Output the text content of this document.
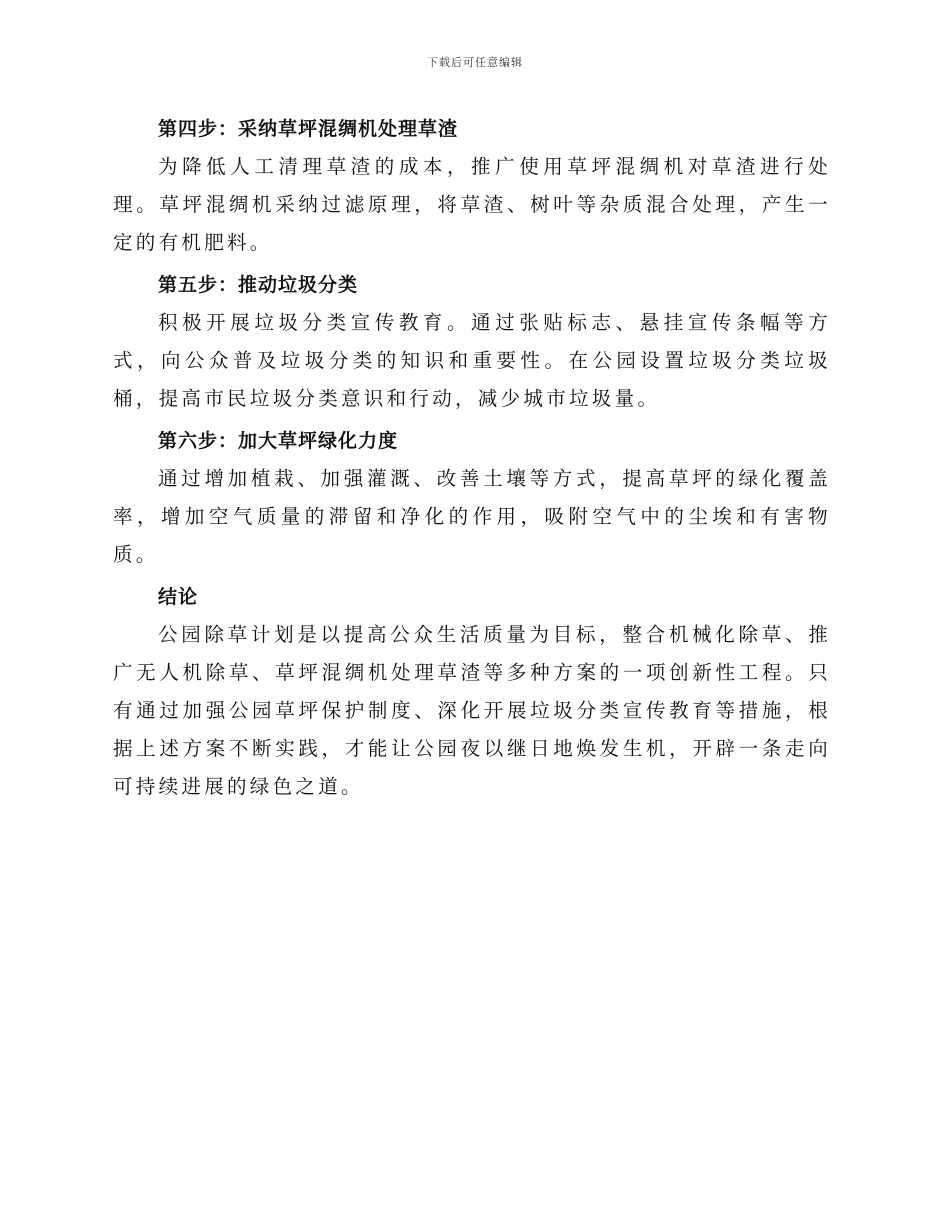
下载后可任意编辑
第四步：采纳草坪混绸机处理草渣

为降低人工清理草渣的成本，推广使用草坪混绸机对草渣进行处理。草坪混绸机采纳过滤原理，将草渣、树叶等杂质混合处理，产生一定的有机肥料。

第五步：推动垃圾分类

积极开展垃圾分类宣传教育。通过张贴标志、悬挂宣传条幅等方式，向公众普及垃圾分类的知识和重要性。在公园设置垃圾分类垃圾桶，提高市民垃圾分类意识和行动，减少城市垃圾量。

第六步：加大草坪绿化力度

通过增加植栽、加强灌溉、改善土壤等方式，提高草坪的绿化覆盖率，增加空气质量的滞留和净化的作用，吸附空气中的尘埃和有害物质。

结论

公园除草计划是以提高公众生活质量为目标，整合机械化除草、推广无人机除草、草坪混绸机处理草渣等多种方案的一项创新性工程。只有通过加强公园草坪保护制度、深化开展垃圾分类宣传教育等措施，根据上述方案不断实践，才能让公园夜以继日地焕发生机，开辟一条走向可持续进展的绿色之道。
